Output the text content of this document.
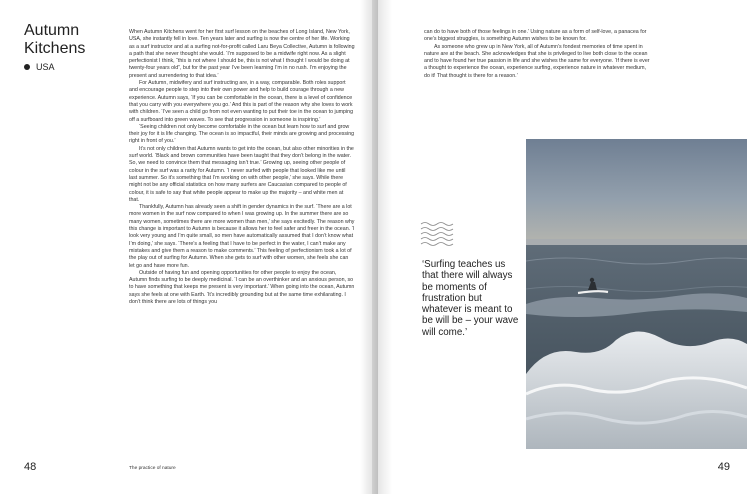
Autumn Kitchens
USA

When Autumn Kitchens went for her first surf lesson on the beaches of Long Island, New York, USA, she instantly fell in love. Ten years later and surfing is now the centre of her life. Working as a surf instructor and at a surfing not-for-profit called Laru Beya Collective, Autumn is following a path that she never thought she would. ‘I’m supposed to be a midwife right now. As a slight perfectionist I think, “this is not where I should be, this is not what I thought I would be doing at twenty-four years old”, but for the past year I’ve been learning I’m in no rush. I’m enjoying the present and surrendering to that idea.’

For Autumn, midwifery and surf instructing are, in a way, comparable. Both roles support and encourage people to step into their own power and help to build courage through a new experience. Autumn says, ‘If you can be comfortable in the ocean, there is a level of confidence that you carry with you everywhere you go.’ And this is part of the reason why she loves to work with children. ‘I’ve seen a child go from not even wanting to put their toe in the ocean to jumping off a surfboard into green waves. To see that progression in someone is inspiring.’

‘Seeing children not only become comfortable in the ocean but learn how to surf and grow their joy for it is life changing. The ocean is so impactful, their minds are growing and processing right in front of you.’

It’s not only children that Autumn wants to get into the ocean, but also other minorities in the surf world. ‘Black and brown communities have been taught that they don’t belong in the water. So, we need to convince them that messaging isn’t true.’ Growing up, seeing other people of colour in the surf was a rarity for Autumn. ‘I never surfed with people that looked like me until last summer. So it’s something that I’m working on with other people,’ she says. While there might not be any official statistics on how many surfers are Caucasian compared to people of colour, it is safe to say that white people appear to make up the majority – and white men at that.

Thankfully, Autumn has already seen a shift in gender dynamics in the surf. ‘There are a lot more women in the surf now compared to when I was growing up. In the summer there are so many women, sometimes there are more women than men,’ she says excitedly. The reason why this change is important to Autumn is because it allows her to feel safer and freer in the ocean. ‘I look very young and I’m quite small, so men have automatically assumed that I don’t know what I’m doing,’ she says. ‘There’s a feeling that I have to be perfect in the water, I can’t make any mistakes and give them a reason to make comments.’ This feeling of perfectionism took a lot of the play out of surfing for Autumn. When she gets to surf with other women, she feels she can let go and have more fun.

Outside of having fun and opening opportunities for other people to enjoy the ocean, Autumn finds surfing to be deeply medicinal. ‘I can be an overthinker and an anxious person, so to have something that keeps me present is very important.’ When going into the ocean, Autumn says she feels at one with Earth. ‘It’s incredibly grounding but at the same time exhilarating. I don’t think there are lots of things you

48	The practice of nature

can do to have both of those feelings in one.’ Using nature as a form of self-love, a panacea for one’s biggest struggles, is something Autumn wishes to be known for.

As someone who grew up in New York, all of Autumn’s fondest memories of time spent in nature are at the beach. She acknowledges that she is privileged to live both close to the ocean and to have found her true passion in life and she wishes the same for everyone. ‘If there is ever a thought to experience the ocean, experience surfing, experience nature in whatever medium, do it! That thought is there for a reason.’

‘Surfing teaches us that there will always be moments of frustration but whatever is meant to be will be – your wave will come.’
49
